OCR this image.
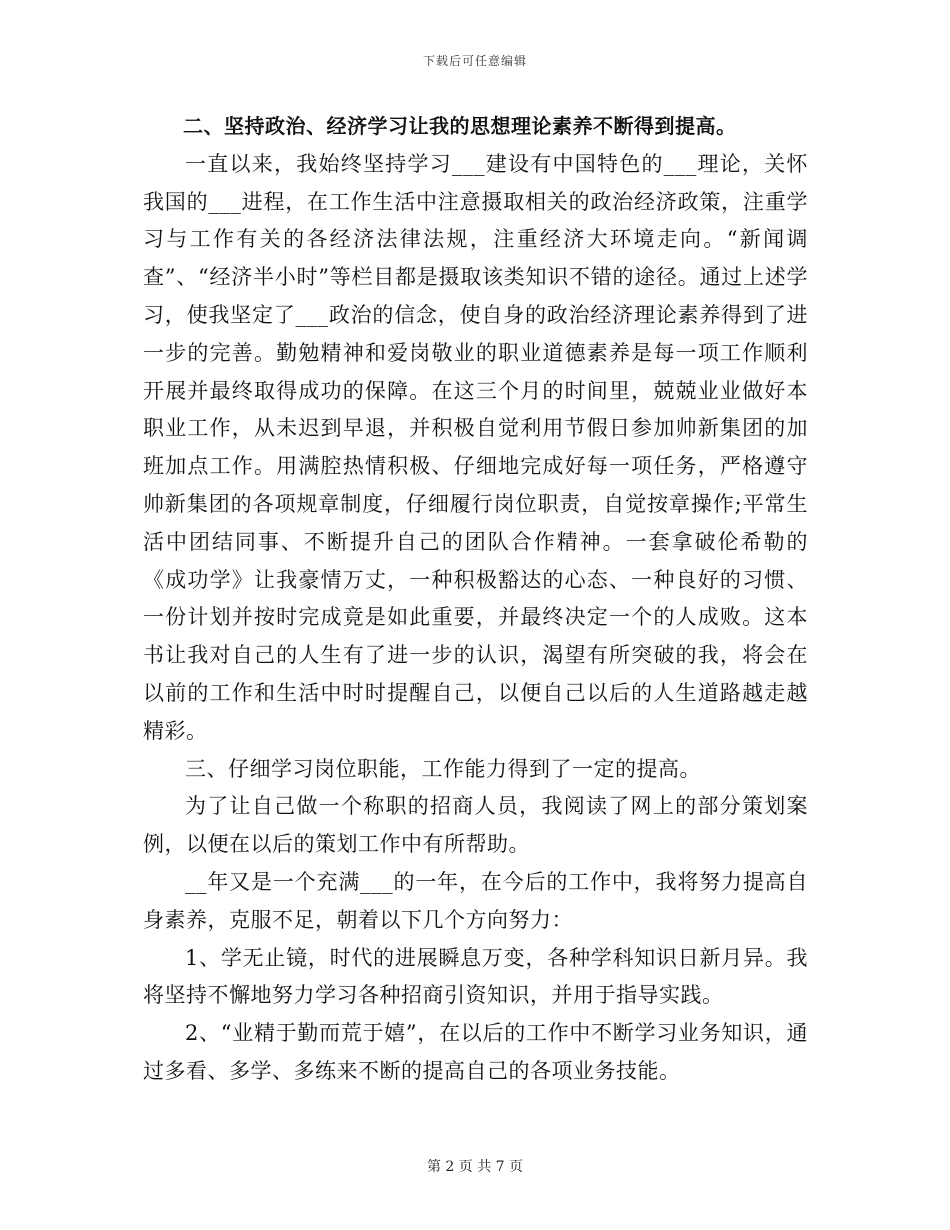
下载后可任意编辑

二、坚持政治、经济学习让我的思想理论素养不断得到提高。

一直以来，我始终坚持学习___建设有中国特色的___理论，关怀我国的___进程，在工作生活中注意摄取相关的政治经济政策，注重学习与工作有关的各经济法律法规，注重经济大环境走向。“新闻调查”、“经济半小时”等栏目都是摄取该类知识不错的途径。通过上述学习，使我坚定了___政治的信念，使自身的政治经济理论素养得到了进一步的完善。勤勉精神和爱岗敬业的职业道德素养是每一项工作顺利开展并最终取得成功的保障。在这三个月的时间里，兢兢业业做好本职业工作，从未迟到早退，并积极自觉利用节假日参加帅新集团的加班加点工作。用满腔热情积极、仔细地完成好每一项任务，严格遵守帅新集团的各项规章制度，仔细履行岗位职责，自觉按章操作;平常生活中团结同事、不断提升自己的团队合作精神。一套拿破伦希勒的《成功学》让我豪情万丈，一种积极豁达的心态、一种良好的习惯、一份计划并按时完成竟是如此重要，并最终决定一个的人成败。这本书让我对自己的人生有了进一步的认识，渴望有所突破的我，将会在以前的工作和生活中时时提醒自己，以便自己以后的人生道路越走越精彩。

三、仔细学习岗位职能，工作能力得到了一定的提高。

为了让自己做一个称职的招商人员，我阅读了网上的部分策划案例，以便在以后的策划工作中有所帮助。

__年又是一个充满___的一年，在今后的工作中，我将努力提高自身素养，克服不足，朝着以下几个方向努力：

1、学无止镜，时代的进展瞬息万变，各种学科知识日新月异。我将坚持不懈地努力学习各种招商引资知识，并用于指导实践。

2、“业精于勤而荒于嬉”，在以后的工作中不断学习业务知识，通过多看、多学、多练来不断的提高自己的各项业务技能。

第 2 页 共 7 页
